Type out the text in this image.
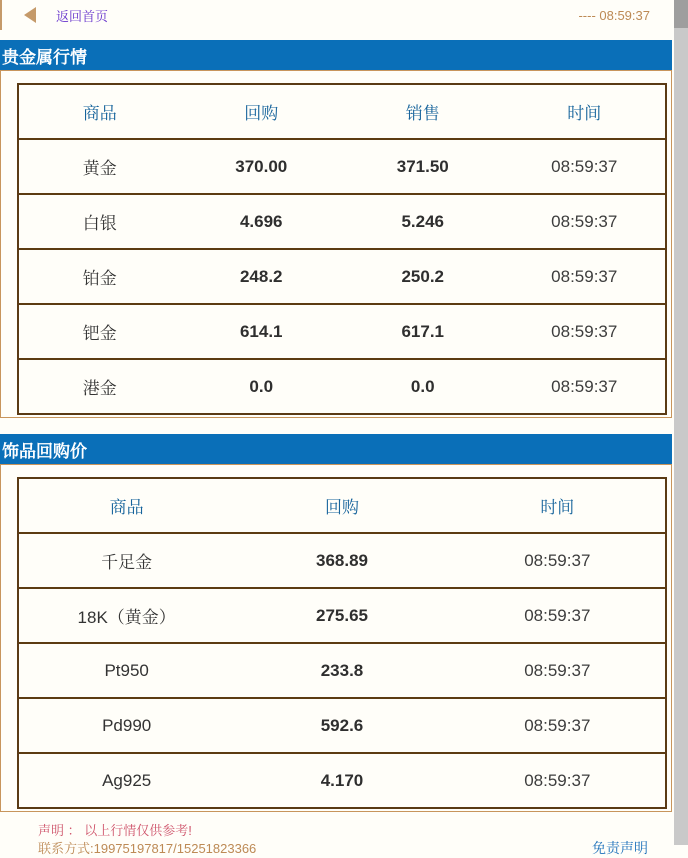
返回首页	---- 08:59:37
贵金属行情
商品	回购	销售	时间
黄金	370.00	371.50	08:59:37
白银	4.696	5.246	08:59:37
铂金	248.2	250.2	08:59:37
钯金	614.1	617.1	08:59:37
港金	0.0	0.0	08:59:37
饰品回购价
商品	回购	时间
千足金	368.89	08:59:37
18K（黄金）	275.65	08:59:37
Pt950	233.8	08:59:37
Pd990	592.6	08:59:37
Ag925	4.170	08:59:37
声明 ： 以上行情仅供参考!
联系方式:19975197817/15251823366	免责声明
